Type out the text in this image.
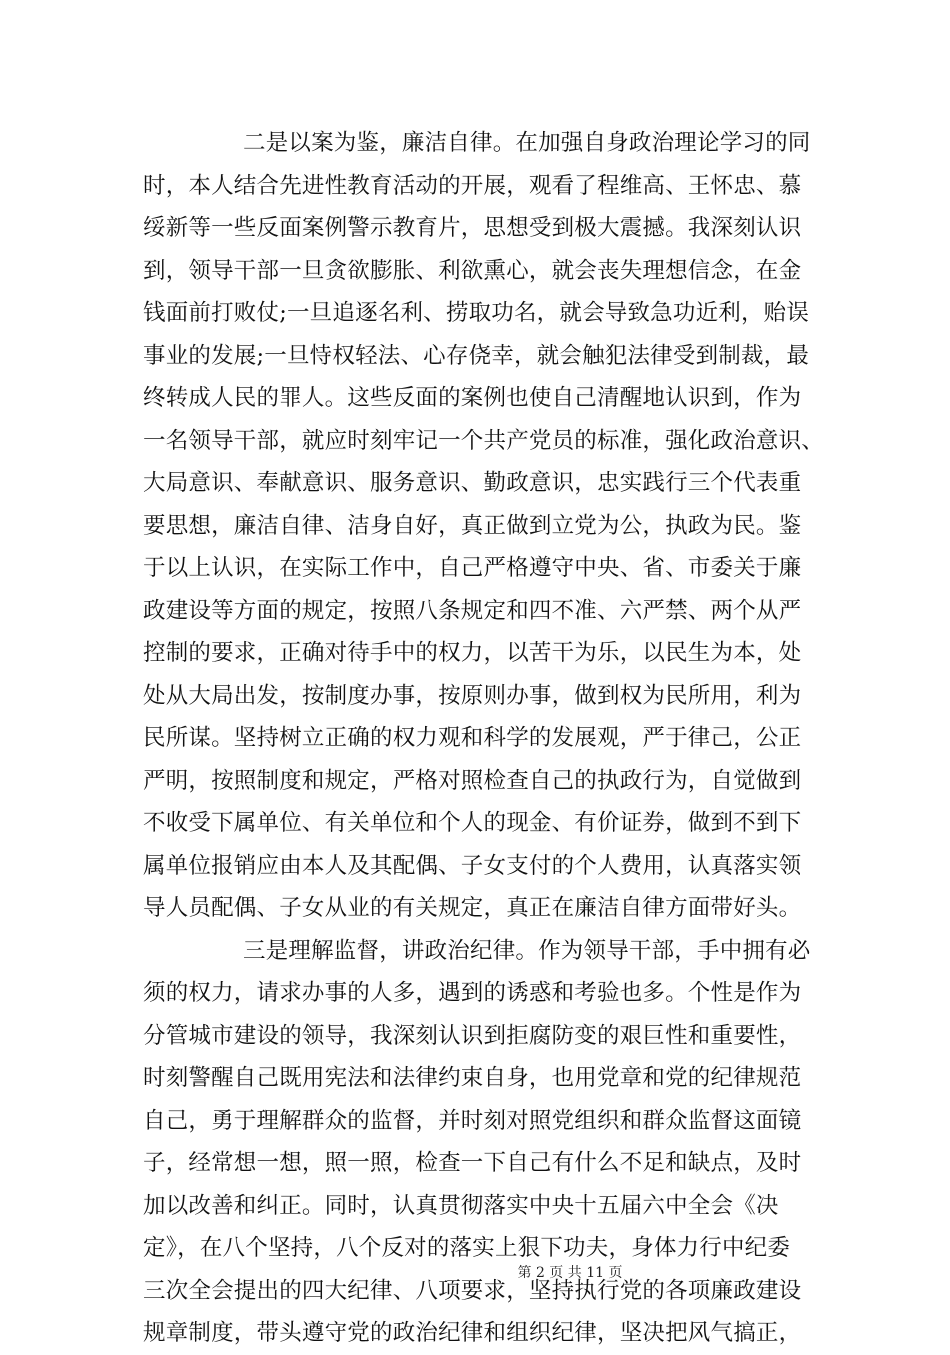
二是以案为鉴，廉洁自律。在加强自身政治理论学习的同
时，本人结合先进性教育活动的开展，观看了程维高、王怀忠、慕
绥新等一些反面案例警示教育片，思想受到极大震撼。我深刻认识
到，领导干部一旦贪欲膨胀、利欲熏心，就会丧失理想信念，在金
钱面前打败仗;一旦追逐名利、捞取功名，就会导致急功近利，贻误
事业的发展;一旦恃权轻法、心存侥幸，就会触犯法律受到制裁，最
终转成人民的罪人。这些反面的案例也使自己清醒地认识到，作为
一名领导干部，就应时刻牢记一个共产党员的标准，强化政治意识、
大局意识、奉献意识、服务意识、勤政意识，忠实践行三个代表重
要思想，廉洁自律、洁身自好，真正做到立党为公，执政为民。鉴
于以上认识，在实际工作中，自己严格遵守中央、省、市委关于廉
政建设等方面的规定，按照八条规定和四不准、六严禁、两个从严
控制的要求，正确对待手中的权力，以苦干为乐，以民生为本，处
处从大局出发，按制度办事，按原则办事，做到权为民所用，利为
民所谋。坚持树立正确的权力观和科学的发展观，严于律己，公正
严明，按照制度和规定，严格对照检查自己的执政行为，自觉做到
不收受下属单位、有关单位和个人的现金、有价证券，做到不到下
属单位报销应由本人及其配偶、子女支付的个人费用，认真落实领
导人员配偶、子女从业的有关规定，真正在廉洁自律方面带好头。
三是理解监督，讲政治纪律。作为领导干部，手中拥有必
须的权力，请求办事的人多，遇到的诱惑和考验也多。个性是作为
分管城市建设的领导，我深刻认识到拒腐防变的艰巨性和重要性，
时刻警醒自己既用宪法和法律约束自身，也用党章和党的纪律规范
自己，勇于理解群众的监督，并时刻对照党组织和群众监督这面镜
子，经常想一想，照一照，检查一下自己有什么不足和缺点，及时
加以改善和纠正。同时，认真贯彻落实中央十五届六中全会《决
定》，在八个坚持，八个反对的落实上狠下功夫，身体力行中纪委
三次全会提出的四大纪律、八项要求，坚持执行党的各项廉政建设
规章制度，带头遵守党的政治纪律和组织纪律，坚决把风气搞正，
第 2 页 共 11 页
